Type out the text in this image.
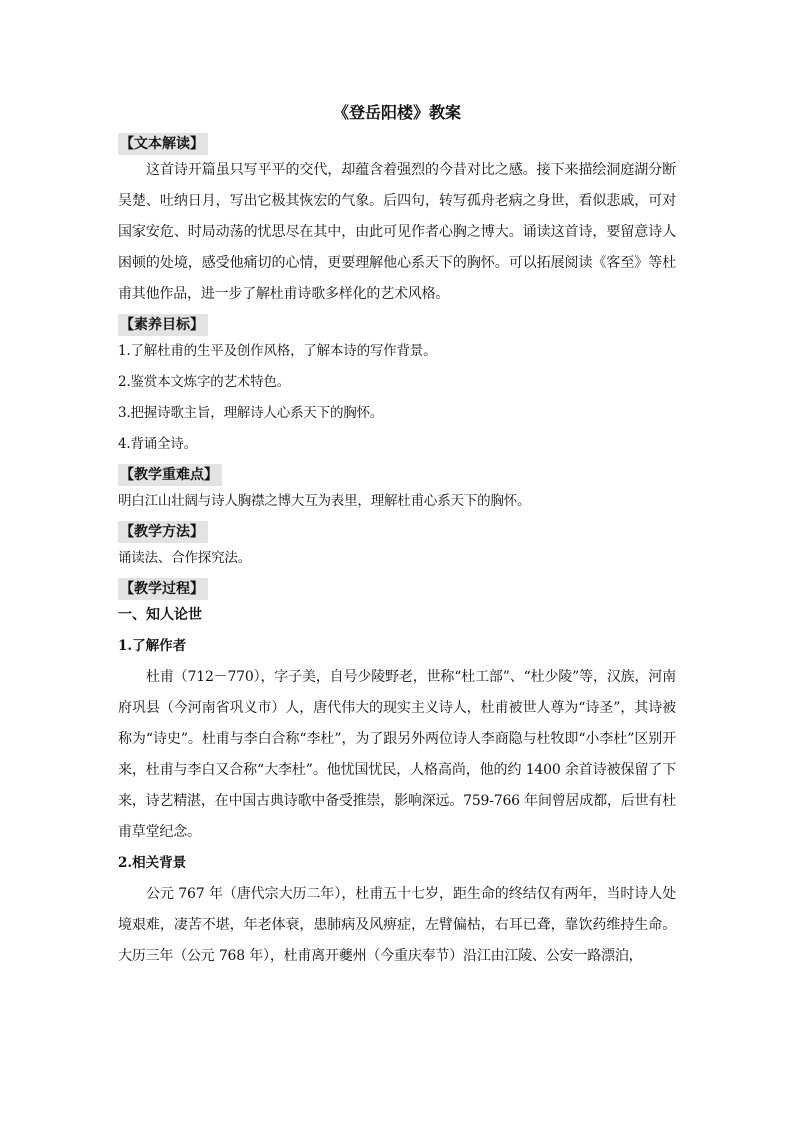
《登岳阳楼》教案
【文本解读】

这首诗开篇虽只写平平的交代，却蕴含着强烈的今昔对比之感。接下来描绘洞庭湖分断吴楚、吐纳日月，写出它极其恢宏的气象。后四句，转写孤舟老病之身世，看似悲戚，可对国家安危、时局动荡的忧思尽在其中，由此可见作者心胸之博大。诵读这首诗，要留意诗人困顿的处境，感受他痛切的心情，更要理解他心系天下的胸怀。可以拓展阅读《客至》等杜甫其他作品，进一步了解杜甫诗歌多样化的艺术风格。

【素养目标】

1.了解杜甫的生平及创作风格，了解本诗的写作背景。

2.鉴赏本文炼字的艺术特色。

3.把握诗歌主旨，理解诗人心系天下的胸怀。

4.背诵全诗。

【教学重难点】

明白江山壮阔与诗人胸襟之博大互为表里，理解杜甫心系天下的胸怀。

【教学方法】

诵读法、合作探究法。

【教学过程】

一、知人论世

1.了解作者

杜甫（712－770），字子美，自号少陵野老，世称“杜工部”、“杜少陵”等，汉族，河南府巩县（今河南省巩义市）人，唐代伟大的现实主义诗人，杜甫被世人尊为“诗圣”，其诗被称为“诗史”。杜甫与李白合称“李杜”，为了跟另外两位诗人李商隐与杜牧即“小李杜”区别开来，杜甫与李白又合称“大李杜”。他忧国忧民，人格高尚，他的约 1400 余首诗被保留了下来，诗艺精湛，在中国古典诗歌中备受推崇，影响深远。759-766 年间曾居成都，后世有杜甫草堂纪念。

2.相关背景

公元 767 年（唐代宗大历二年），杜甫五十七岁，距生命的终结仅有两年，当时诗人处境艰难，凄苦不堪，年老体衰，患肺病及风痹症，左臂偏枯，右耳已聋，靠饮药维持生命。大历三年（公元 768 年），杜甫离开夔州（今重庆奉节）沿江由江陵、公安一路漂泊，
